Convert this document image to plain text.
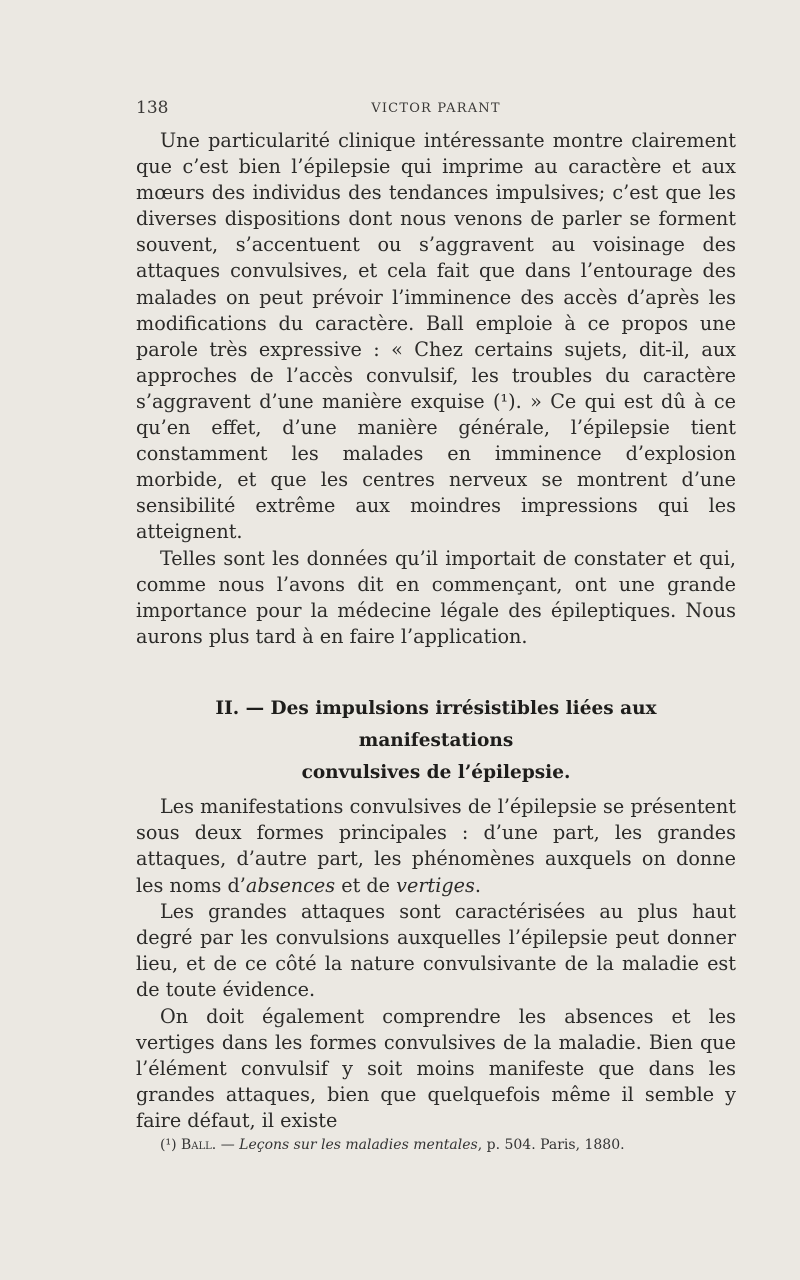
138	VICTOR PARANT

Une particularité clinique intéressante montre clairement que c’est bien l’épilepsie qui imprime au caractère et aux mœurs des individus des tendances impulsives; c’est que les diverses dispositions dont nous venons de parler se forment souvent, s’accentuent ou s’aggravent au voisinage des attaques convulsives, et cela fait que dans l’entourage des malades on peut prévoir l’imminence des accès d’après les modifications du caractère. Ball emploie à ce propos une parole très expressive : « Chez certains sujets, dit-il, aux approches de l’accès convulsif, les troubles du caractère s’aggravent d’une manière exquise (¹). » Ce qui est dû à ce qu’en effet, d’une manière générale, l’épilepsie tient constamment les malades en imminence d’explosion morbide, et que les centres nerveux se montrent d’une sensibilité extrême aux moindres impressions qui les atteignent.

Telles sont les données qu’il importait de constater et qui, comme nous l’avons dit en commençant, ont une grande importance pour la médecine légale des épileptiques. Nous aurons plus tard à en faire l’application.

II. — Des impulsions irrésistibles liées aux manifestations
convulsives de l’épilepsie.

Les manifestations convulsives de l’épilepsie se présentent sous deux formes principales : d’une part, les grandes attaques, d’autre part, les phénomènes auxquels on donne les noms d’absences et de vertiges.

Les grandes attaques sont caractérisées au plus haut degré par les convulsions auxquelles l’épilepsie peut donner lieu, et de ce côté la nature convulsivante de la maladie est de toute évidence.

On doit également comprendre les absences et les vertiges dans les formes convulsives de la maladie. Bien que l’élément convulsif y soit moins manifeste que dans les grandes attaques, bien que quelquefois même il semble y faire défaut, il existe

(¹) Ball. — Leçons sur les maladies mentales, p. 504. Paris, 1880.
